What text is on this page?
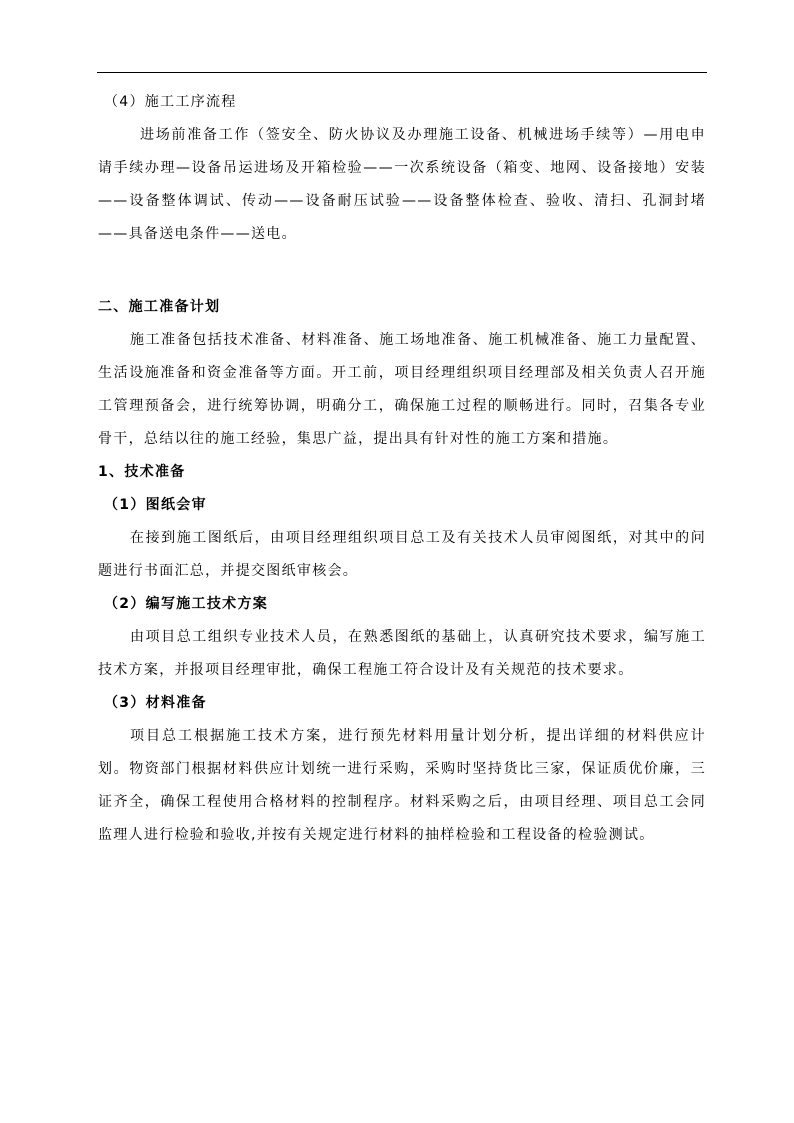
（4）施工工序流程

进场前准备工作（签安全、防火协议及办理施工设备、机械进场手续等）—用电申请手续办理—设备吊运进场及开箱检验——一次系统设备（箱变、地网、设备接地）安装——设备整体调试、传动——设备耐压试验——设备整体检查、验收、清扫、孔洞封堵——具备送电条件——送电。

二、施工准备计划

施工准备包括技术准备、材料准备、施工场地准备、施工机械准备、施工力量配置、生活设施准备和资金准备等方面。开工前，项目经理组织项目经理部及相关负责人召开施工管理预备会，进行统筹协调，明确分工，确保施工过程的顺畅进行。同时，召集各专业骨干，总结以往的施工经验，集思广益，提出具有针对性的施工方案和措施。

1、技术准备

（1）图纸会审

在接到施工图纸后，由项目经理组织项目总工及有关技术人员审阅图纸，对其中的问题进行书面汇总，并提交图纸审核会。

（2）编写施工技术方案

由项目总工组织专业技术人员，在熟悉图纸的基础上，认真研究技术要求，编写施工技术方案，并报项目经理审批，确保工程施工符合设计及有关规范的技术要求。

（3）材料准备

项目总工根据施工技术方案，进行预先材料用量计划分析，提出详细的材料供应计划。物资部门根据材料供应计划统一进行采购，采购时坚持货比三家，保证质优价廉，三证齐全，确保工程使用合格材料的控制程序。材料采购之后，由项目经理、项目总工会同监理人进行检验和验收,并按有关规定进行材料的抽样检验和工程设备的检验测试。
